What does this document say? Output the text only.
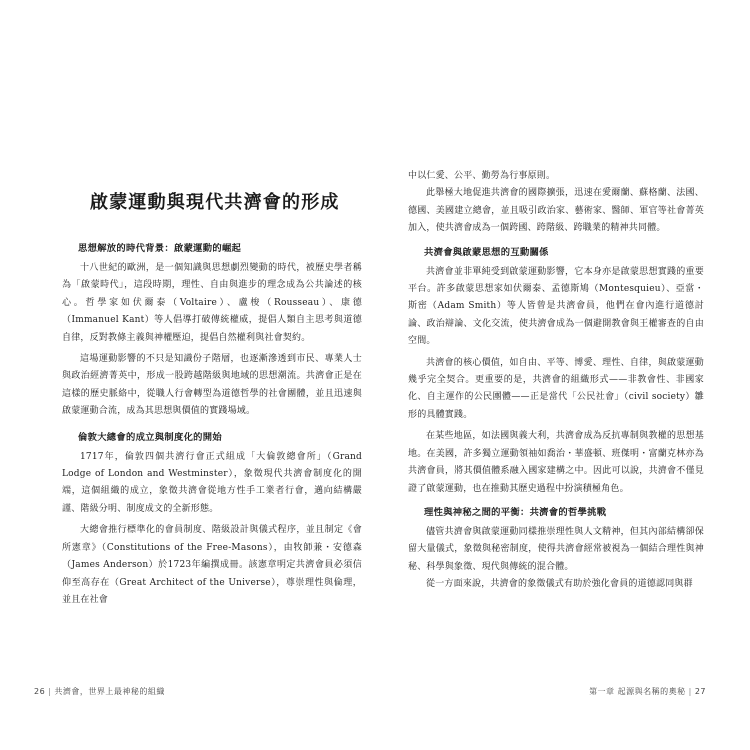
啟蒙運動與現代共濟會的形成
思想解放的時代背景：啟蒙運動的崛起

十八世紀的歐洲，是一個知識與思想劇烈變動的時代，被歷史學者稱為「啟蒙時代」，這段時期，理性、自由與進步的理念成為公共論述的核心。哲學家如伏爾泰（Voltaire）、盧梭（Rousseau）、康德（Immanuel Kant）等人倡導打破傳統權威，提倡人類自主思考與道德自律，反對教條主義與神權壓迫，提倡自然權利與社會契約。

這場運動影響的不只是知識份子階層，也逐漸滲透到市民、專業人士與政治經濟菁英中，形成一股跨越階級與地域的思想潮流。共濟會正是在這樣的歷史脈絡中，從職人行會轉型為道德哲學的社會團體，並且迅速與啟蒙運動合流，成為其思想與價值的實踐場域。

倫敦大總會的成立與制度化的開始

1717年，倫敦四個共濟行會正式組成「大倫敦總會所」（Grand Lodge of London and Westminster），象徵現代共濟會制度化的開端，這個組織的成立，象徵共濟會從地方性手工業者行會，邁向結構嚴謹、階級分明、制度成文的全新形態。

大總會推行標準化的會員制度、階級設計與儀式程序，並且制定《會所憲章》（Constitutions of the Free-Masons），由牧師兼・安德森（James Anderson）於1723年編撰成冊。該憲章明定共濟會員必須信仰至高存在（Great Architect of the Universe），尊崇理性與倫理，並且在社會

中以仁愛、公平、勤勞為行事原則。

此舉極大地促進共濟會的國際擴張，迅速在愛爾蘭、蘇格蘭、法國、德國、美國建立總會，並且吸引政治家、藝術家、醫師、軍官等社會菁英加入，使共濟會成為一個跨國、跨階級、跨職業的精神共同體。

共濟會與啟蒙思想的互動關係

共濟會並非單純受到啟蒙運動影響，它本身亦是啟蒙思想實踐的重要平台。許多啟蒙思想家如伏爾泰、孟德斯鳩（Montesquieu）、亞當・斯密（Adam Smith）等人皆曾是共濟會員，他們在會內進行道德討論、政治辯論、文化交流，使共濟會成為一個避開教會與王權審查的自由空間。

共濟會的核心價值，如自由、平等、博愛、理性、自律，與啟蒙運動幾乎完全契合。更重要的是，共濟會的組織形式——非教會性、非國家化、自主運作的公民團體——正是當代「公民社會」（civil society）雛形的具體實踐。

在某些地區，如法國與義大利，共濟會成為反抗專制與教權的思想基地。在美國，許多獨立運動領袖如喬治・華盛頓、班傑明・富蘭克林亦為共濟會員，將其價值體系融入國家建構之中。因此可以說，共濟會不僅見證了啟蒙運動，也在推動其歷史過程中扮演積極角色。

理性與神秘之間的平衡：共濟會的哲學挑戰

儘管共濟會與啟蒙運動同樣推崇理性與人文精神，但其內部結構卻保留大量儀式，象徵與秘密制度，使得共濟會經常被視為一個結合理性與神秘、科學與象徵、現代與傳統的混合體。

從一方面來說，共濟會的象徵儀式有助於強化會員的道德認同與群

26 | 共濟會，世界上最神秘的組織	第一章 起源與名稱的奧秘 | 27
